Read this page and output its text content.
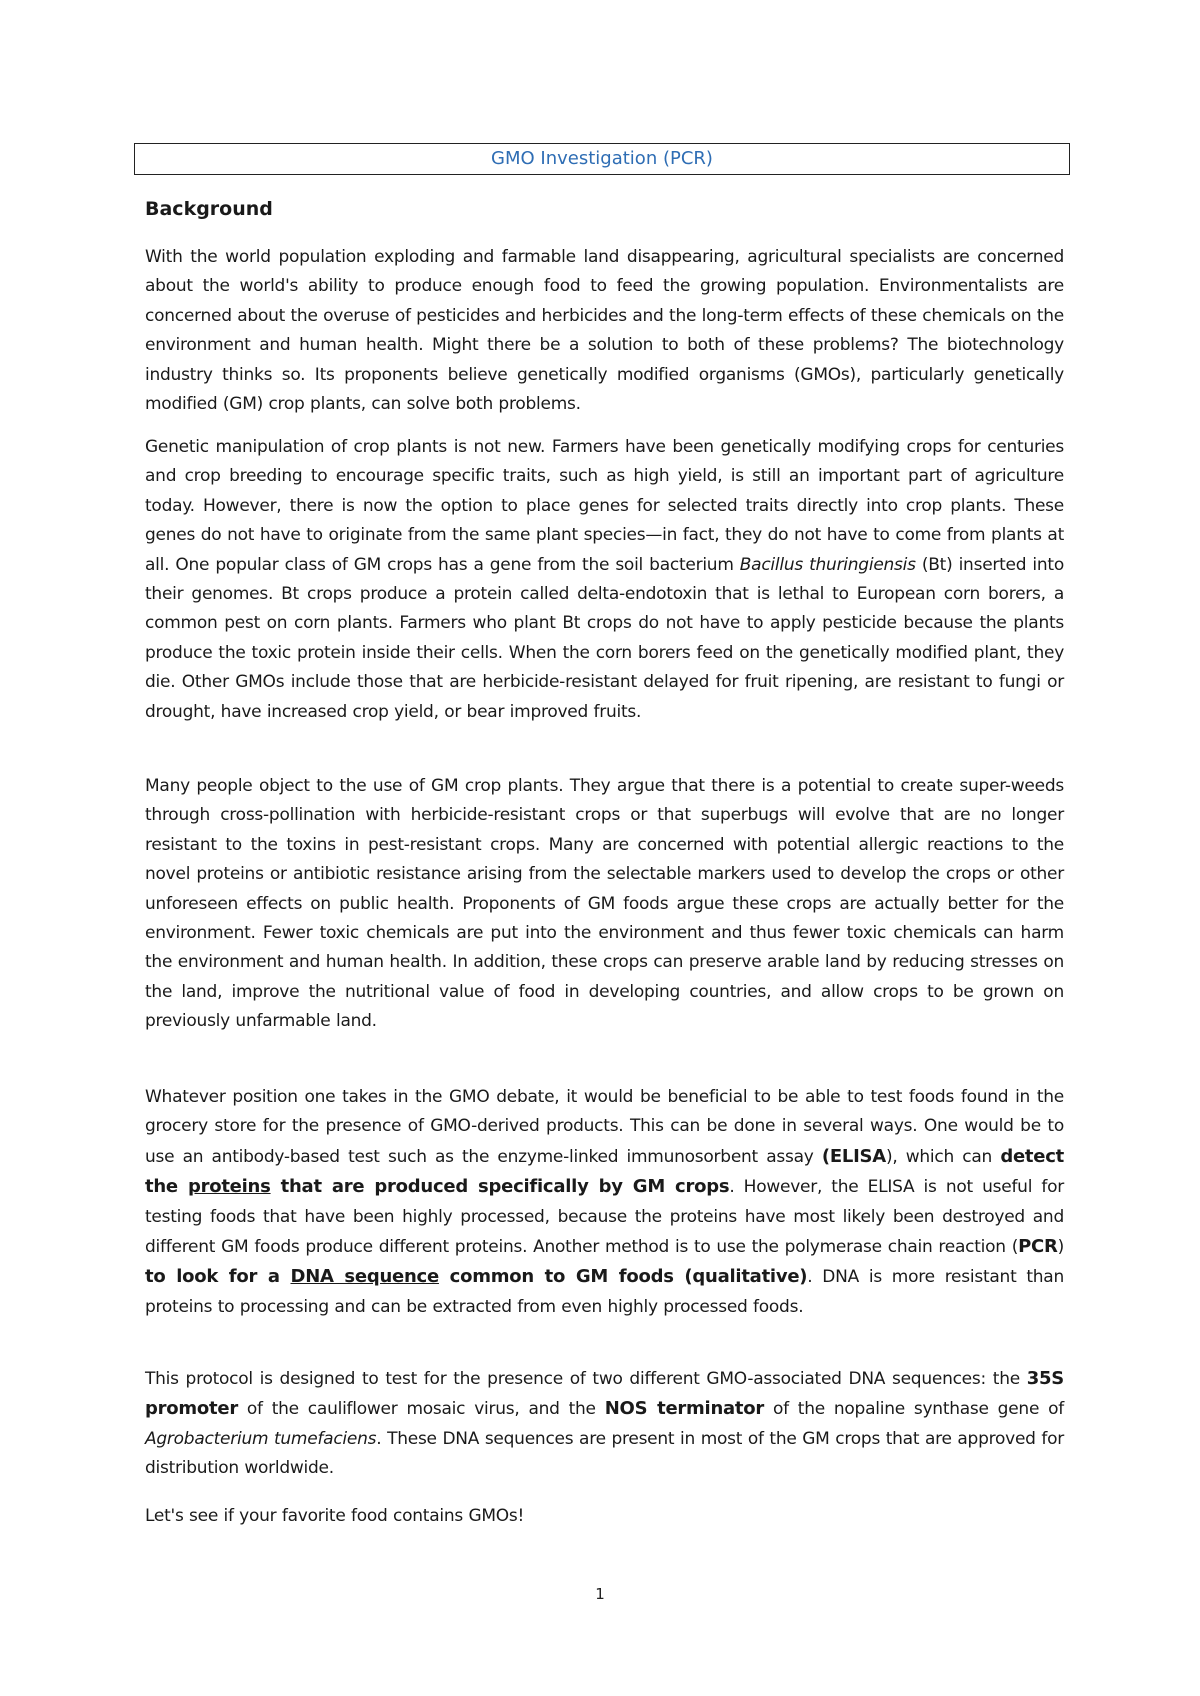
GMO Investigation (PCR)
Background

With the world population exploding and farmable land disappearing, agricultural specialists are concerned about the world's ability to produce enough food to feed the growing population. Environmentalists are concerned about the overuse of pesticides and herbicides and the long-term effects of these chemicals on the environment and human health. Might there be a solution to both of these problems? The biotechnology industry thinks so. Its proponents believe genetically modified organisms (GMOs), particularly genetically modified (GM) crop plants, can solve both problems.

Genetic manipulation of crop plants is not new. Farmers have been genetically modifying crops for centuries and crop breeding to encourage specific traits, such as high yield, is still an important part of agriculture today. However, there is now the option to place genes for selected traits directly into crop plants. These genes do not have to originate from the same plant species—in fact, they do not have to come from plants at all. One popular class of GM crops has a gene from the soil bacterium Bacillus thuringiensis (Bt) inserted into their genomes. Bt crops produce a protein called delta-endotoxin that is lethal to European corn borers, a common pest on corn plants. Farmers who plant Bt crops do not have to apply pesticide because the plants produce the toxic protein inside their cells. When the corn borers feed on the genetically modified plant, they die. Other GMOs include those that are herbicide-resistant delayed for fruit ripening, are resistant to fungi or drought, have increased crop yield, or bear improved fruits.

Many people object to the use of GM crop plants. They argue that there is a potential to create super-weeds through cross-pollination with herbicide-resistant crops or that superbugs will evolve that are no longer resistant to the toxins in pest-resistant crops. Many are concerned with potential allergic reactions to the novel proteins or antibiotic resistance arising from the selectable markers used to develop the crops or other unforeseen effects on public health. Proponents of GM foods argue these crops are actually better for the environment. Fewer toxic chemicals are put into the environment and thus fewer toxic chemicals can harm the environment and human health. In addition, these crops can preserve arable land by reducing stresses on the land, improve the nutritional value of food in developing countries, and allow crops to be grown on previously unfarmable land.

Whatever position one takes in the GMO debate, it would be beneficial to be able to test foods found in the grocery store for the presence of GMO-derived products. This can be done in several ways. One would be to use an antibody-based test such as the enzyme-linked immunosorbent assay (ELISA), which can detect the proteins that are produced specifically by GM crops. However, the ELISA is not useful for testing foods that have been highly processed, because the proteins have most likely been destroyed and different GM foods produce different proteins. Another method is to use the polymerase chain reaction (PCR) to look for a DNA sequence common to GM foods (qualitative). DNA is more resistant than proteins to processing and can be extracted from even highly processed foods.

This protocol is designed to test for the presence of two different GMO-associated DNA sequences: the 35S promoter of the cauliflower mosaic virus, and the NOS terminator of the nopaline synthase gene of Agrobacterium tumefaciens. These DNA sequences are present in most of the GM crops that are approved for distribution worldwide.

Let's see if your favorite food contains GMOs!

1
